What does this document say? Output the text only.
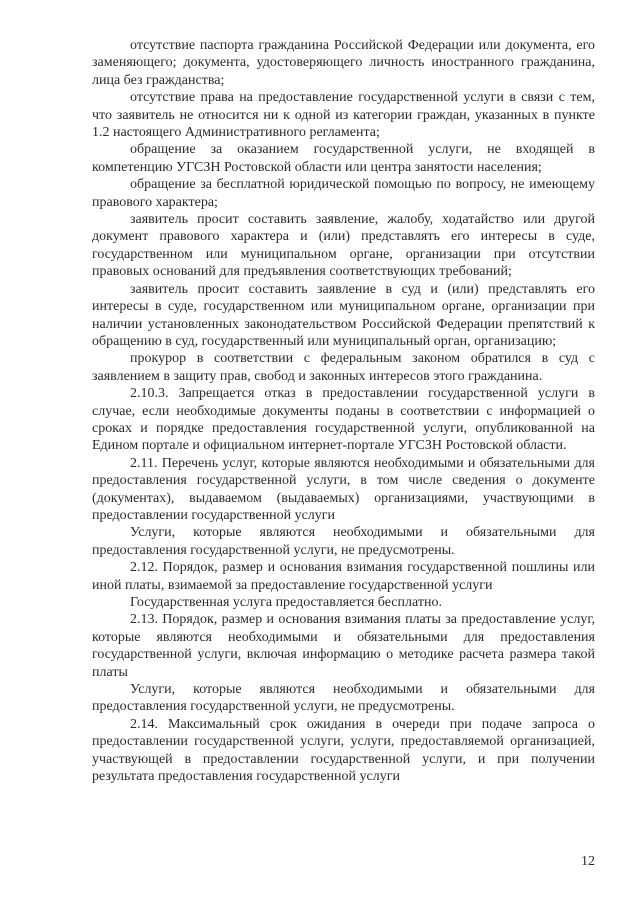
отсутствие паспорта гражданина Российской Федерации или документа, его заменяющего; документа, удостоверяющего личность иностранного гражданина, лица без гражданства;

отсутствие права на предоставление государственной услуги в связи с тем, что заявитель не относится ни к одной из категории граждан, указанных в пункте 1.2 настоящего Административного регламента;

обращение за оказанием государственной услуги, не входящей в компетенцию УГСЗН Ростовской области или центра занятости населения;

обращение за бесплатной юридической помощью по вопросу, не имеющему правового характера;

заявитель просит составить заявление, жалобу, ходатайство или другой документ правового характера и (или) представлять его интересы в суде, государственном или муниципальном органе, организации при отсутствии правовых оснований для предъявления соответствующих требований;

заявитель просит составить заявление в суд и (или) представлять его интересы в суде, государственном или муниципальном органе, организации при наличии установленных законодательством Российской Федерации препятствий к обращению в суд, государственный или муниципальный орган, организацию;

прокурор в соответствии с федеральным законом обратился в суд с заявлением в защиту прав, свобод и законных интересов этого гражданина.

2.10.3. Запрещается отказ в предоставлении государственной услуги в случае, если необходимые документы поданы в соответствии с информацией о сроках и порядке предоставления государственной услуги, опубликованной на Едином портале и официальном интернет-портале УГСЗН Ростовской области.

2.11. Перечень услуг, которые являются необходимыми и обязательными для предоставления государственной услуги, в том числе сведения о документе (документах), выдаваемом (выдаваемых) организациями, участвующими в предоставлении государственной услуги

Услуги, которые являются необходимыми и обязательными для предоставления государственной услуги, не предусмотрены.

2.12. Порядок, размер и основания взимания государственной пошлины или иной платы, взимаемой за предоставление государственной услуги

Государственная услуга предоставляется бесплатно.

2.13. Порядок, размер и основания взимания платы за предоставление услуг, которые являются необходимыми и обязательными для предоставления государственной услуги, включая информацию о методике расчета размера такой платы

Услуги, которые являются необходимыми и обязательными для предоставления государственной услуги, не предусмотрены.

2.14. Максимальный срок ожидания в очереди при подаче запроса о предоставлении государственной услуги, услуги, предоставляемой организацией, участвующей в предоставлении государственной услуги, и при получении результата предоставления государственной услуги

12
